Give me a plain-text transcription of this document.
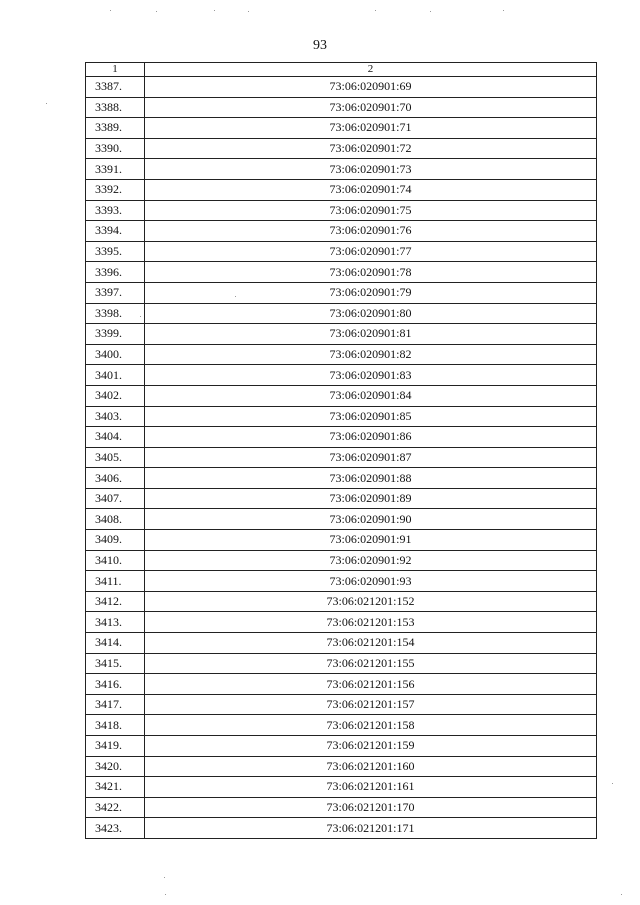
93
1	2
3387.	73:06:020901:69
3388.	73:06:020901:70
3389.	73:06:020901:71
3390.	73:06:020901:72
3391.	73:06:020901:73
3392.	73:06:020901:74
3393.	73:06:020901:75
3394.	73:06:020901:76
3395.	73:06:020901:77
3396.	73:06:020901:78
3397.	73:06:020901:79
3398.	73:06:020901:80
3399.	73:06:020901:81
3400.	73:06:020901:82
3401.	73:06:020901:83
3402.	73:06:020901:84
3403.	73:06:020901:85
3404.	73:06:020901:86
3405.	73:06:020901:87
3406.	73:06:020901:88
3407.	73:06:020901:89
3408.	73:06:020901:90
3409.	73:06:020901:91
3410.	73:06:020901:92
3411.	73:06:020901:93
3412.	73:06:021201:152
3413.	73:06:021201:153
3414.	73:06:021201:154
3415.	73:06:021201:155
3416.	73:06:021201:156
3417.	73:06:021201:157
3418.	73:06:021201:158
3419.	73:06:021201:159
3420.	73:06:021201:160
3421.	73:06:021201:161
3422.	73:06:021201:170
3423.	73:06:021201:171
